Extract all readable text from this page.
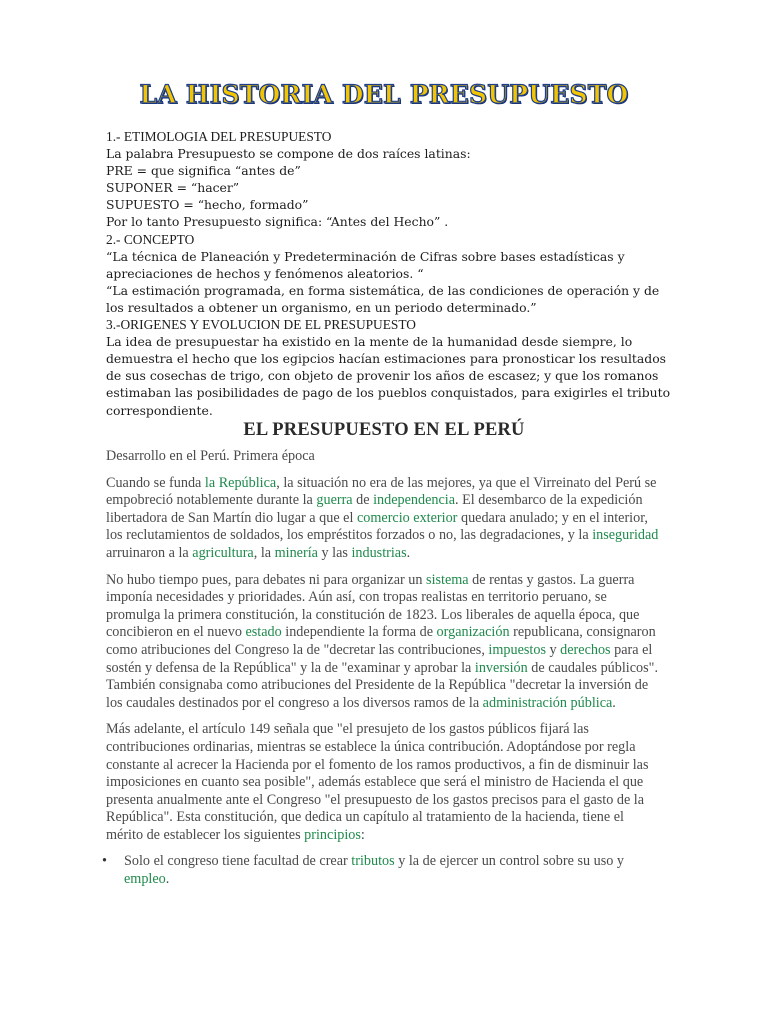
LA HISTORIA DEL PRESUPUESTO
1.- ETIMOLOGIA DEL PRESUPUESTO
La palabra Presupuesto se compone de dos raíces latinas:
PRE = que significa “antes de”
SUPONER = “hacer”
SUPUESTO = “hecho, formado”
Por lo tanto Presupuesto significa: “Antes del Hecho” .
2.- CONCEPTO
“La técnica de Planeación y Predeterminación de Cifras sobre bases estadísticas y apreciaciones de hechos y fenómenos aleatorios. “
“La estimación programada, en forma sistemática, de las condiciones de operación y de los resultados a obtener un organismo, en un periodo determinado.”
3.-ORIGENES Y EVOLUCION DE EL PRESUPUESTO
La idea de presupuestar ha existido en la mente de la humanidad desde siempre, lo demuestra el hecho que los egipcios hacían estimaciones para pronosticar los resultados de sus cosechas de trigo, con objeto de provenir los años de escasez; y que los romanos estimaban las posibilidades de pago de los pueblos conquistados, para exigirles el tributo correspondiente.
EL PRESUPUESTO EN EL PERÚ

Desarrollo en el Perú. Primera época

Cuando se funda la República, la situación no era de las mejores, ya que el Virreinato del Perú se empobreció notablemente durante la guerra de independencia. El desembarco de la expedición libertadora de San Martín dio lugar a que el comercio exterior quedara anulado; y en el interior, los reclutamientos de soldados, los empréstitos forzados o no, las degradaciones, y la inseguridad arruinaron a la agricultura, la minería y las industrias.

No hubo tiempo pues, para debates ni para organizar un sistema de rentas y gastos. La guerra imponía necesidades y prioridades. Aún así, con tropas realistas en territorio peruano, se promulga la primera constitución, la constitución de 1823. Los liberales de aquella época, que concibieron en el nuevo estado independiente la forma de organización republicana, consignaron como atribuciones del Congreso la de "decretar las contribuciones, impuestos y derechos para el sostén y defensa de la República" y la de "examinar y aprobar la inversión de caudales públicos". También consignaba como atribuciones del Presidente de la República "decretar la inversión de los caudales destinados por el congreso a los diversos ramos de la administración pública.

Más adelante, el artículo 149 señala que "el presujeto de los gastos públicos fijará las contribuciones ordinarias, mientras se establece la única contribución. Adoptándose por regla constante al acrecer la Hacienda por el fomento de los ramos productivos, a fin de disminuir las imposiciones en cuanto sea posible", además establece que será el ministro de Hacienda el que presenta anualmente ante el Congreso "el presupuesto de los gastos precisos para el gasto de la República". Esta constitución, que dedica un capítulo al tratamiento de la hacienda, tiene el mérito de establecer los siguientes principios:

• Solo el congreso tiene facultad de crear tributos y la de ejercer un control sobre su uso y empleo.
